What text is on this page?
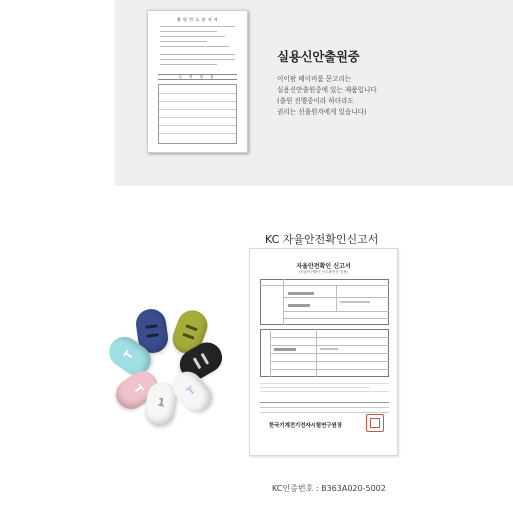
출 원 번 호 통 지 서
특 허 청 장
실용신안출원중
이이팜 베이비룸 문고리는
실용신안출원중에 있는 제품입니다
(출원 진행중이라 하더라도
권리는 선출원자에게 있습니다)
KC 자율안전확인신고서
자율안전확인 신고서
(자율안전확인 신고확인증 겸용)
한국기계전기전자시험연구원장
KC인증번호 : B363A020-5002
T
T
1
T
